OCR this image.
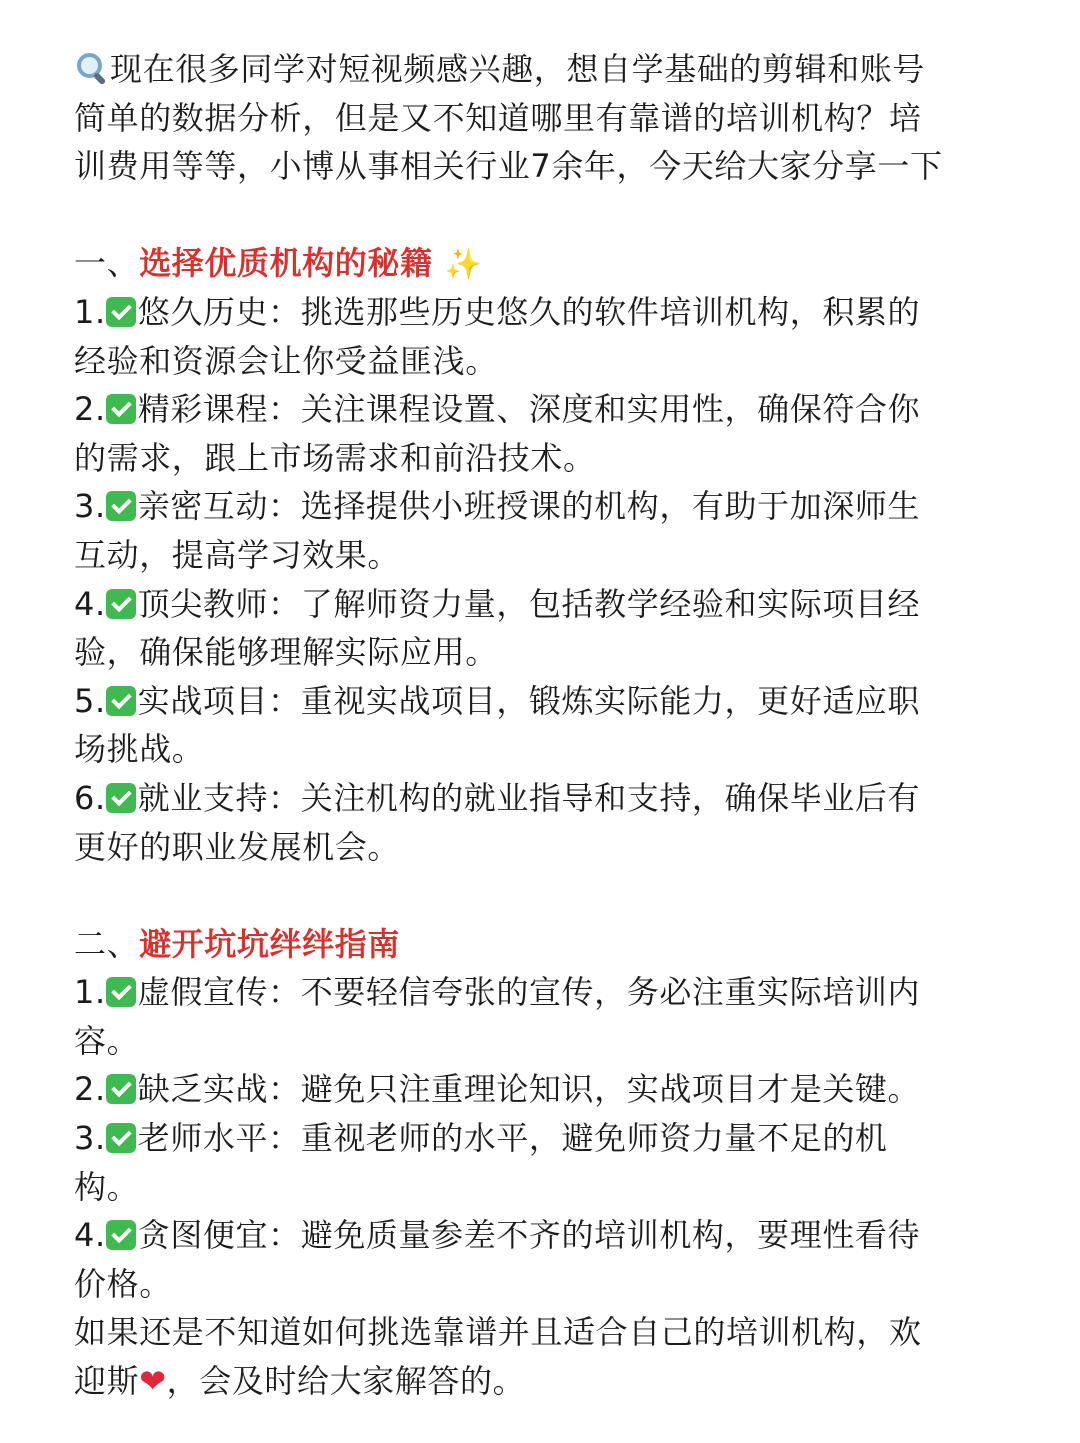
现在很多同学对短视频感兴趣，想自学基础的剪辑和账号
简单的数据分析，但是又不知道哪里有靠谱的培训机构？培
训费用等等，小博从事相关行业7余年，今天给大家分享一下
一、选择优质机构的秘籍 ✨
1. 悠久历史：挑选那些历史悠久的软件培训机构，积累的
经验和资源会让你受益匪浅。
2. 精彩课程：关注课程设置、深度和实用性，确保符合你
的需求，跟上市场需求和前沿技术。
3. 亲密互动：选择提供小班授课的机构，有助于加深师生
互动，提高学习效果。
4. 顶尖教师：了解师资力量，包括教学经验和实际项目经
验，确保能够理解实际应用。
5. 实战项目：重视实战项目，锻炼实际能力，更好适应职
场挑战。
6. 就业支持：关注机构的就业指导和支持，确保毕业后有
更好的职业发展机会。
二、避开坑坑绊绊指南
1. 虚假宣传：不要轻信夸张的宣传，务必注重实际培训内
容。
2. 缺乏实战：避免只注重理论知识，实战项目才是关键。
3. 老师水平：重视老师的水平，避免师资力量不足的机
构。
4. 贪图便宜：避免质量参差不齐的培训机构，要理性看待
价格。
如果还是不知道如何挑选靠谱并且适合自己的培训机构，欢
迎斯❤，会及时给大家解答的。
